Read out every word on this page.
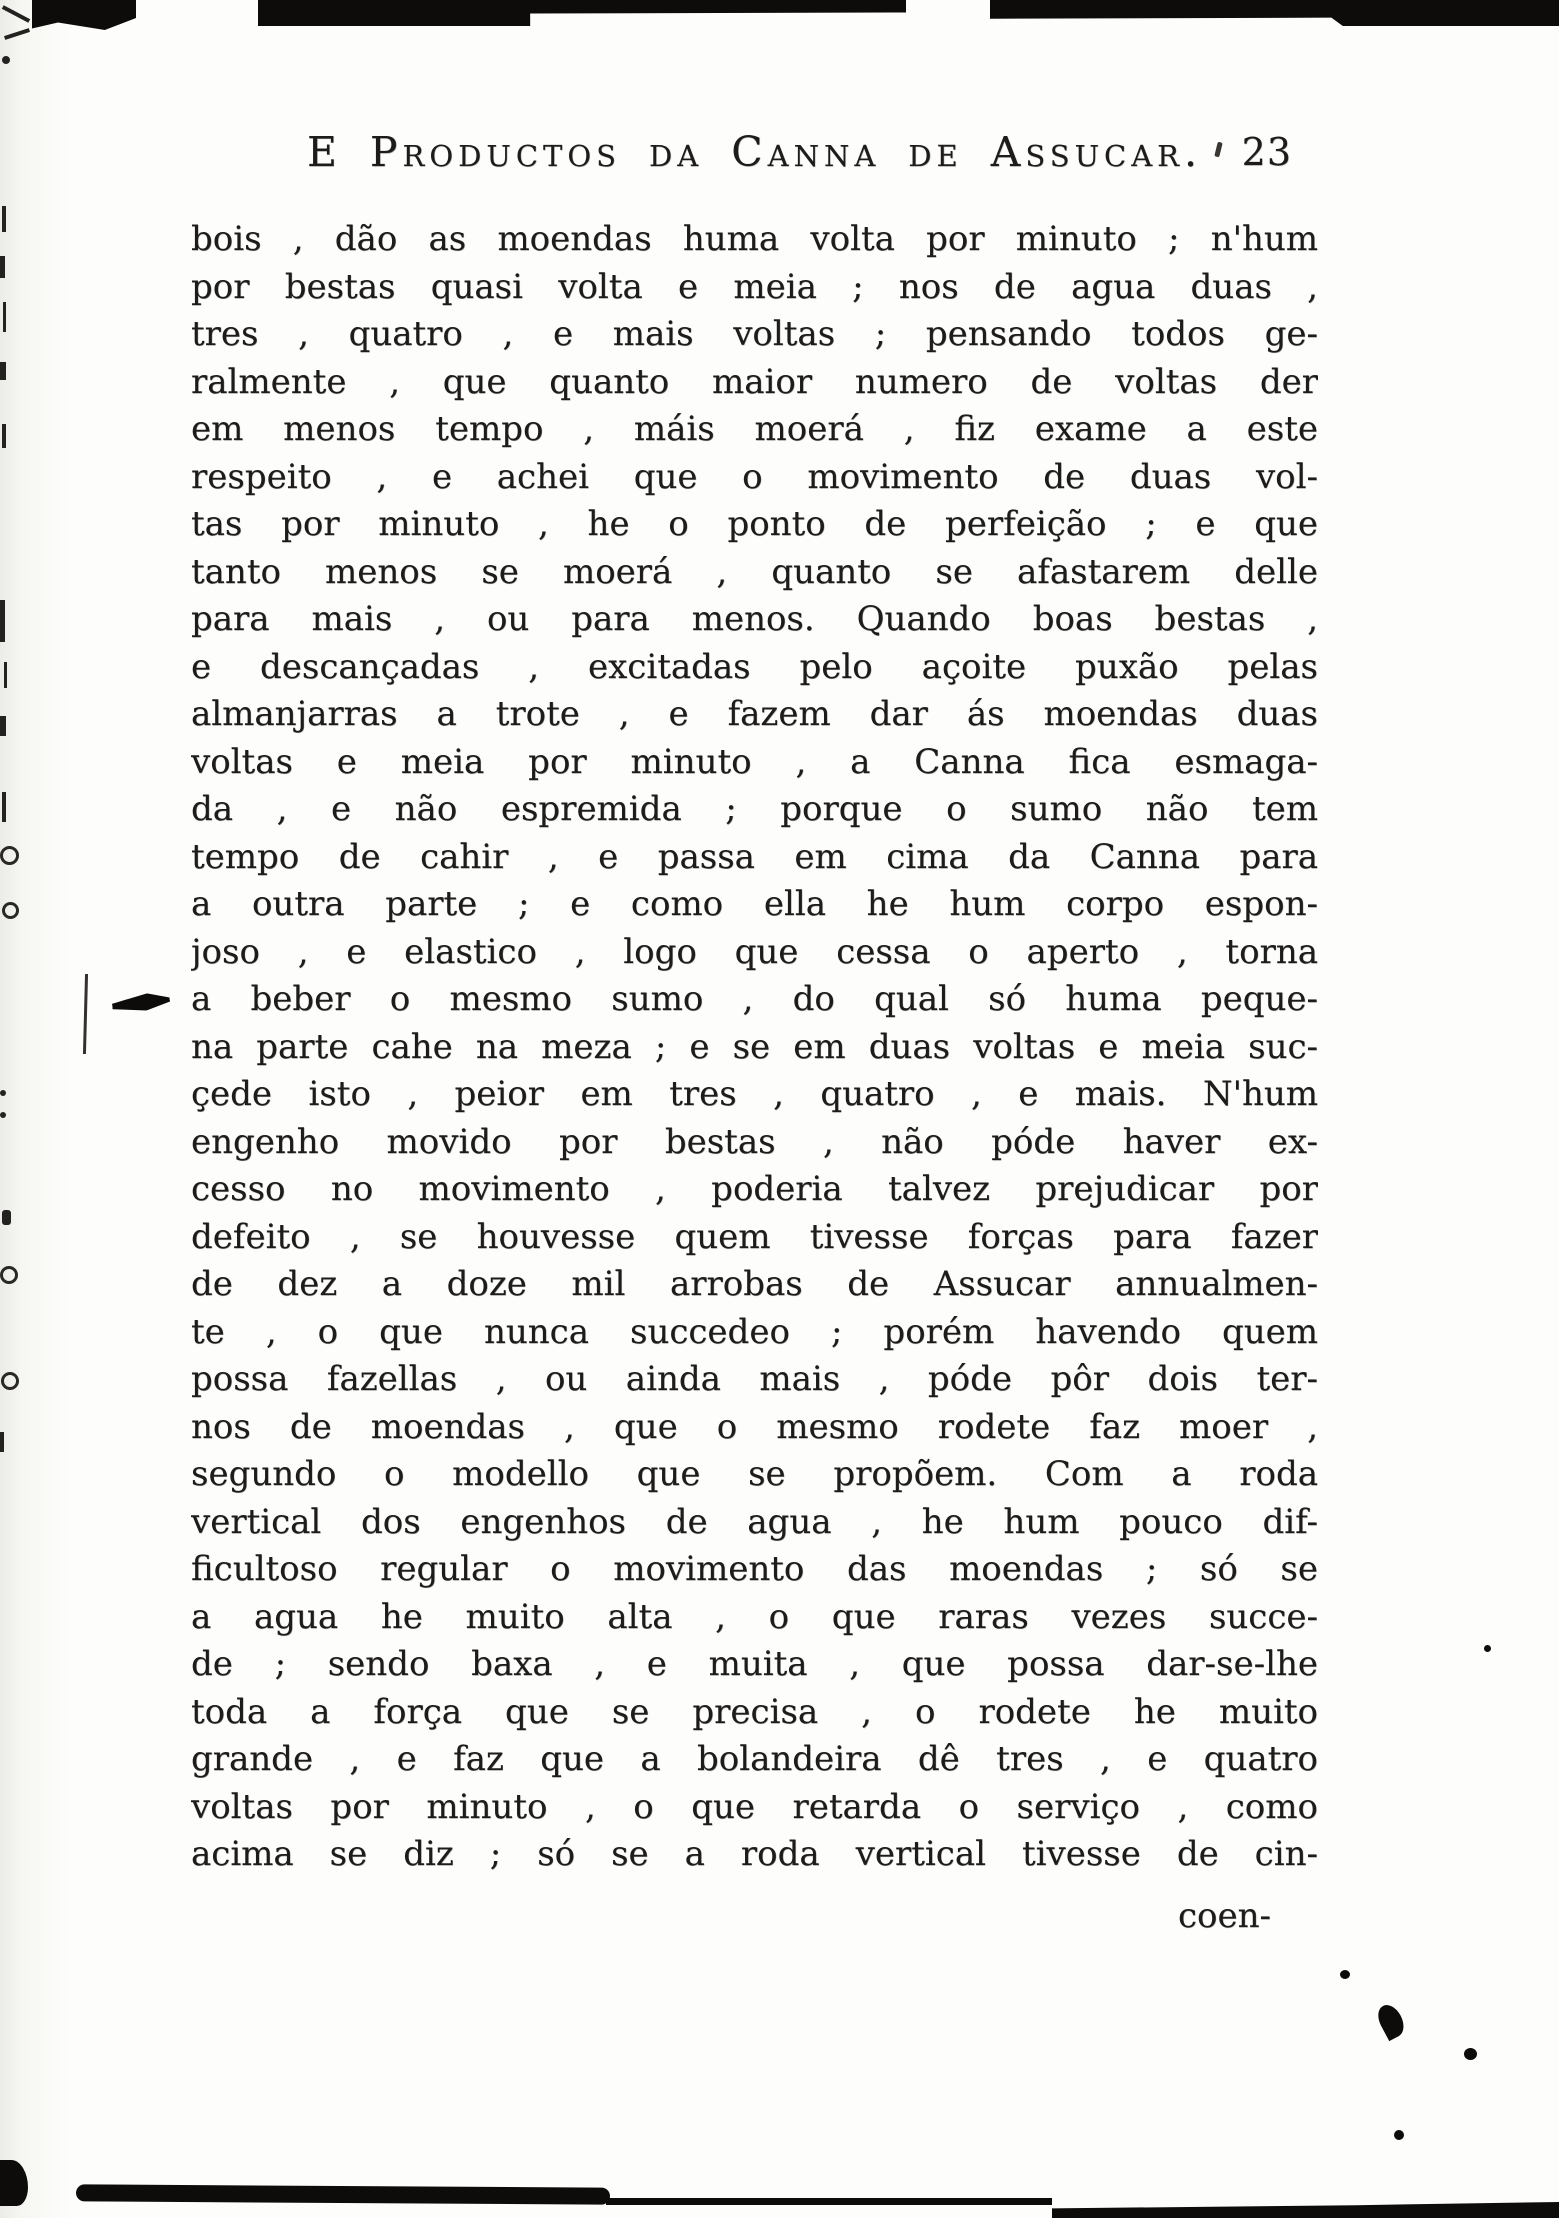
E Productos da Canna de Assucar. 23
bois , dão as moendas huma volta por minuto ; n'hum
por bestas quasi volta e meia ; nos de agua duas ,
tres , quatro , e mais voltas ; pensando todos ge-
ralmente , que quanto maior numero de voltas der
em menos tempo , máis moerá , fiz exame a este
respeito , e achei que o movimento de duas vol-
tas por minuto , he o ponto de perfeição ; e que
tanto menos se moerá , quanto se afastarem delle
para mais , ou para menos. Quando boas bestas ,
e descançadas , excitadas pelo açoite puxão pelas
almanjarras a trote , e fazem dar ás moendas duas
voltas e meia por minuto , a Canna fica esmaga-
da , e não espremida ; porque o sumo não tem
tempo de cahir , e passa em cima da Canna para
a outra parte ; e como ella he hum corpo espon-
joso , e elastico , logo que cessa o aperto , torna
a beber o mesmo sumo , do qual só huma peque-
na parte cahe na meza ; e se em duas voltas e meia suc-
çede isto , peior em tres , quatro , e mais. N'hum
engenho movido por bestas , não póde haver ex-
cesso no movimento , poderia talvez prejudicar por
defeito , se houvesse quem tivesse forças para fazer
de dez a doze mil arrobas de Assucar annualmen-
te , o que nunca succedeo ; porém havendo quem
possa fazellas , ou ainda mais , póde pôr dois ter-
nos de moendas , que o mesmo rodete faz moer ,
segundo o modello que se propõem. Com a roda
vertical dos engenhos de agua , he hum pouco dif-
ficultoso regular o movimento das moendas ; só se
a agua he muito alta , o que raras vezes succe-
de ; sendo baxa , e muita , que possa dar-se-lhe
toda a força que se precisa , o rodete he muito
grande , e faz que a bolandeira dê tres , e quatro
voltas por minuto , o que retarda o serviço , como
acima se diz ; só se a roda vertical tivesse de cin-
coen-
